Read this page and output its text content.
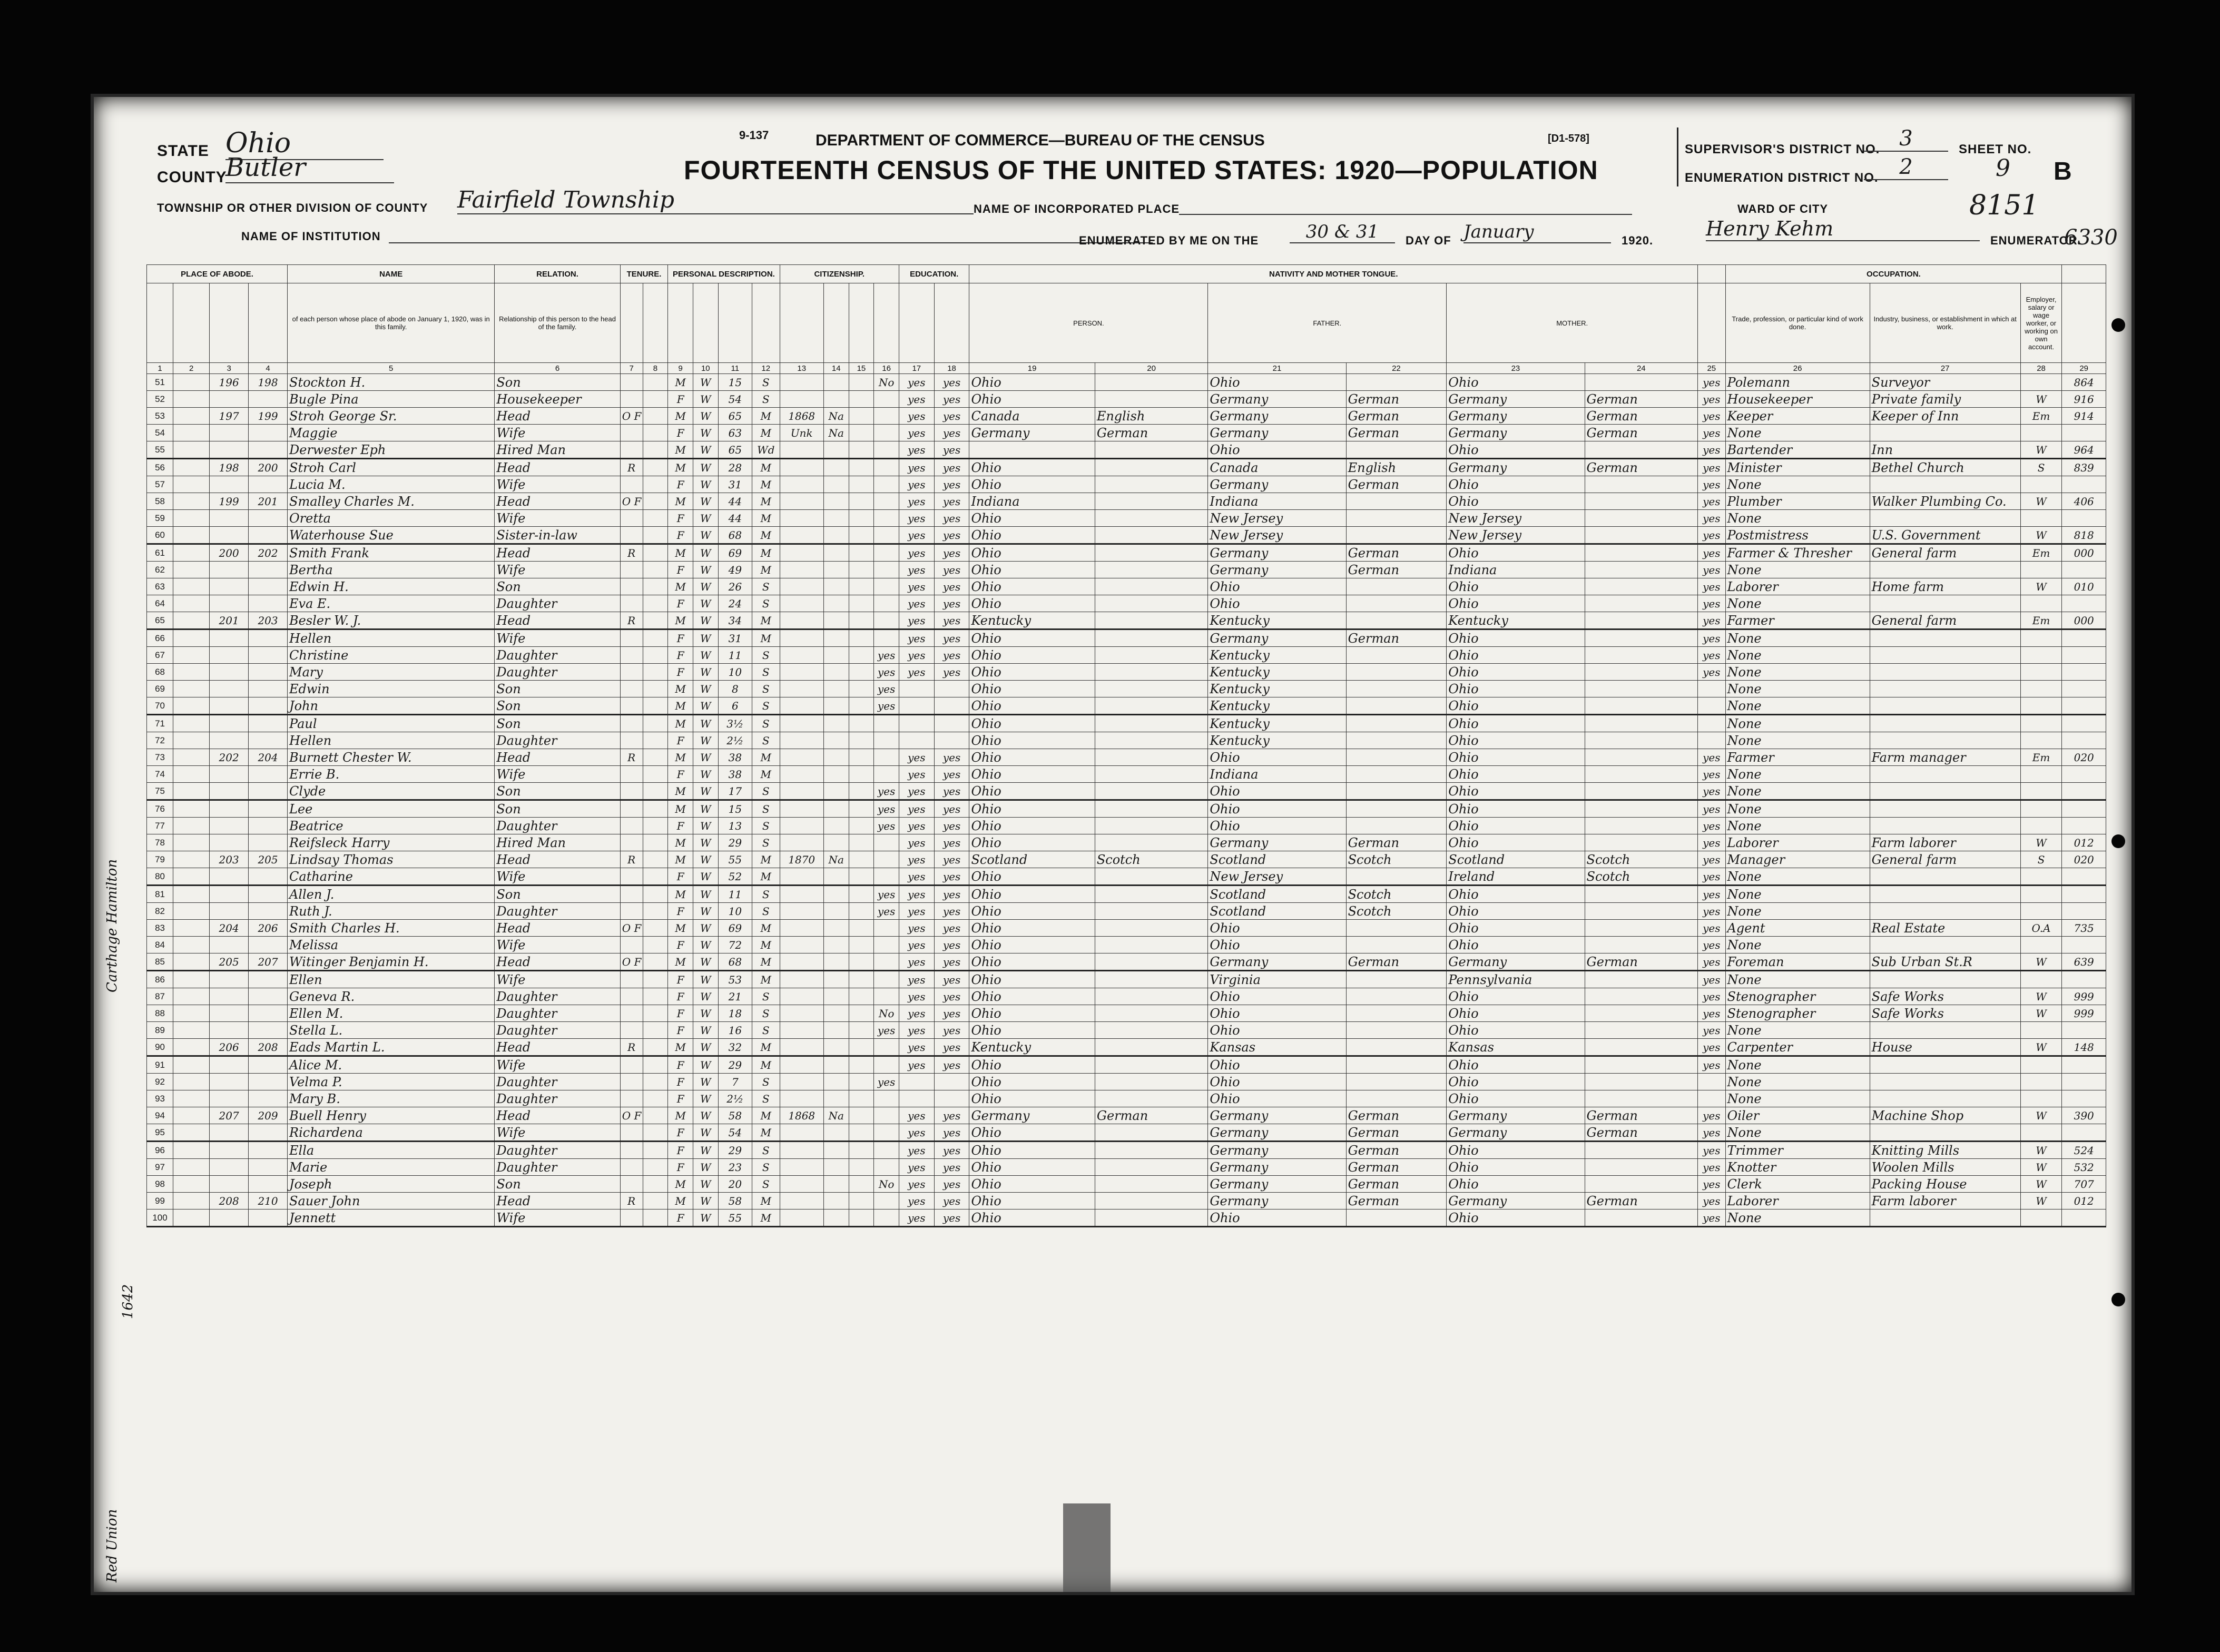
STATE Ohio
COUNTY
Butler
TOWNSHIP OR OTHER DIVISION OF COUNTY Fairfield Township
NAME OF INSTITUTION
9-137	[D1-578]
DEPARTMENT OF COMMERCE—BUREAU OF THE CENSUS
FOURTEENTH CENSUS OF THE UNITED STATES: 1920—POPULATION
NAME OF INCORPORATED PLACE
ENUMERATED BY ME ON THE	30 & 31	DAY OF January	1920.
Henry Kehm
ENUMERATOR.
6330
SUPERVISOR'S DISTRICT NO. 3
ENUMERATION DISTRICT NO. 2
SHEET NO.
9 B
WARD OF CITY	8151
PLACE OF ABODE.				NAME	RELATION.	TENURE.		PERSONAL DESCRIPTION.				CITIZENSHIP.				EDUCATION.		NATIVITY AND MOTHER TONGUE.							OCCUPATION.			
				of each person whose place of abode on January 1, 1920, was in this family.	Relationship of this person to the head of the family.													PERSON.		FATHER.		MOTHER.			Trade, profession, or particular kind of work done.	Industry, business, or establishment in which at work.	Employer, salary or wage worker, or working on own account.	
1	2	3	4	5	6	7	8	9	10	11	12	13	14	15	16	17	18	19	20	21	22	23	24	25	26	27	28	29
51		196	198	Stockton H.	Son			M	W	15	S				No	yes	yes	Ohio		Ohio		Ohio		yes	Polemann	Surveyor		864
52				Bugle Pina	Housekeeper			F	W	54	S					yes	yes	Ohio		Germany	German	Germany	German	yes	Housekeeper	Private family	W	916
53		197	199	Stroh George Sr.	Head	O F		M	W	65	M	1868	Na			yes	yes	Canada	English	Germany	German	Germany	German	yes	Keeper	Keeper of Inn	Em	914
54				Maggie	Wife			F	W	63	M	Unk	Na			yes	yes	Germany	German	Germany	German	Germany	German	yes	None			
55				Derwester Eph	Hired Man			M	W	65	Wd					yes	yes			Ohio		Ohio		yes	Bartender	Inn	W	964
56		198	200	Stroh Carl	Head	R		M	W	28	M					yes	yes	Ohio		Canada	English	Germany	German	yes	Minister	Bethel Church	S	839
57				Lucia M.	Wife			F	W	31	M					yes	yes	Ohio		Germany	German	Ohio		yes	None			
58		199	201	Smalley Charles M.	Head	O F		M	W	44	M					yes	yes	Indiana		Indiana		Ohio		yes	Plumber	Walker Plumbing Co.	W	406
59				Oretta	Wife			F	W	44	M					yes	yes	Ohio		New Jersey		New Jersey		yes	None			
60				Waterhouse Sue	Sister-in-law			F	W	68	M					yes	yes	Ohio		New Jersey		New Jersey		yes	Postmistress	U.S. Government	W	818
61		200	202	Smith Frank	Head	R		M	W	69	M					yes	yes	Ohio		Germany	German	Ohio		yes	Farmer & Thresher	General farm	Em	000
62				Bertha	Wife			F	W	49	M					yes	yes	Ohio		Germany	German	Indiana		yes	None			
63				Edwin H.	Son			M	W	26	S					yes	yes	Ohio		Ohio		Ohio		yes	Laborer	Home farm	W	010
64				Eva E.	Daughter			F	W	24	S					yes	yes	Ohio		Ohio		Ohio		yes	None			
65		201	203	Besler W. J.	Head	R		M	W	34	M					yes	yes	Kentucky		Kentucky		Kentucky		yes	Farmer	General farm	Em	000
66				Hellen	Wife			F	W	31	M					yes	yes	Ohio		Germany	German	Ohio		yes	None			
67				Christine	Daughter			F	W	11	S				yes	yes	yes	Ohio		Kentucky		Ohio		yes	None			
68				Mary	Daughter			F	W	10	S				yes	yes	yes	Ohio		Kentucky		Ohio		yes	None			
69				Edwin	Son			M	W	8	S				yes			Ohio		Kentucky		Ohio			None			
70				John	Son			M	W	6	S				yes			Ohio		Kentucky		Ohio			None			
71				Paul	Son			M	W	3½	S							Ohio		Kentucky		Ohio			None			
72				Hellen	Daughter			F	W	2½	S							Ohio		Kentucky		Ohio			None			
73		202	204	Burnett Chester W.	Head	R		M	W	38	M					yes	yes	Ohio		Ohio		Ohio		yes	Farmer	Farm manager	Em	020
74				Errie B.	Wife			F	W	38	M					yes	yes	Ohio		Indiana		Ohio		yes	None			
75				Clyde	Son			M	W	17	S				yes	yes	yes	Ohio		Ohio		Ohio		yes	None			
76				Lee	Son			M	W	15	S				yes	yes	yes	Ohio		Ohio		Ohio		yes	None			
77				Beatrice	Daughter			F	W	13	S				yes	yes	yes	Ohio		Ohio		Ohio		yes	None			
78				Reifsleck Harry	Hired Man			M	W	29	S					yes	yes	Ohio		Germany	German	Ohio		yes	Laborer	Farm laborer	W	012
79		203	205	Lindsay Thomas	Head	R		M	W	55	M	1870	Na			yes	yes	Scotland	Scotch	Scotland	Scotch	Scotland	Scotch	yes	Manager	General farm	S	020
80				Catharine	Wife			F	W	52	M					yes	yes	Ohio		New Jersey		Ireland	Scotch	yes	None			
81				Allen J.	Son			M	W	11	S				yes	yes	yes	Ohio		Scotland	Scotch	Ohio		yes	None			
82				Ruth J.	Daughter			F	W	10	S				yes	yes	yes	Ohio		Scotland	Scotch	Ohio		yes	None			
83		204	206	Smith Charles H.	Head	O F		M	W	69	M					yes	yes	Ohio		Ohio		Ohio		yes	Agent	Real Estate	O.A	735
84				Melissa	Wife			F	W	72	M					yes	yes	Ohio		Ohio		Ohio		yes	None			
85		205	207	Witinger Benjamin H.	Head	O F		M	W	68	M					yes	yes	Ohio		Germany	German	Germany	German	yes	Foreman	Sub Urban St.R	W	639
86				Ellen	Wife			F	W	53	M					yes	yes	Ohio		Virginia		Pennsylvania		yes	None			
87				Geneva R.	Daughter			F	W	21	S					yes	yes	Ohio		Ohio		Ohio		yes	Stenographer	Safe Works	W	999
88				Ellen M.	Daughter			F	W	18	S				No	yes	yes	Ohio		Ohio		Ohio		yes	Stenographer	Safe Works	W	999
89				Stella L.	Daughter			F	W	16	S				yes	yes	yes	Ohio		Ohio		Ohio		yes	None			
90		206	208	Eads Martin L.	Head	R		M	W	32	M					yes	yes	Kentucky		Kansas		Kansas		yes	Carpenter	House	W	148
91				Alice M.	Wife			F	W	29	M					yes	yes	Ohio		Ohio		Ohio		yes	None			
92				Velma P.	Daughter			F	W	7	S				yes			Ohio		Ohio		Ohio			None			
93				Mary B.	Daughter			F	W	2½	S							Ohio		Ohio		Ohio			None			
94		207	209	Buell Henry	Head	O F		M	W	58	M	1868	Na			yes	yes	Germany	German	Germany	German	Germany	German	yes	Oiler	Machine Shop	W	390
95				Richardena	Wife			F	W	54	M					yes	yes	Ohio		Germany	German	Germany	German	yes	None			
96				Ella	Daughter			F	W	29	S					yes	yes	Ohio		Germany	German	Ohio		yes	Trimmer	Knitting Mills	W	524
97				Marie	Daughter			F	W	23	S					yes	yes	Ohio		Germany	German	Ohio		yes	Knotter	Woolen Mills	W	532
98				Joseph	Son			M	W	20	S				No	yes	yes	Ohio		Germany	German	Ohio		yes	Clerk	Packing House	W	707
99		208	210	Sauer John	Head	R		M	W	58	M					yes	yes	Ohio		Germany	German	Germany	German	yes	Laborer	Farm laborer	W	012
100				Jennett	Wife			F	W	55	M					yes	yes	Ohio		Ohio		Ohio		yes	None			
Carthage Hamilton
Red Union
1642
